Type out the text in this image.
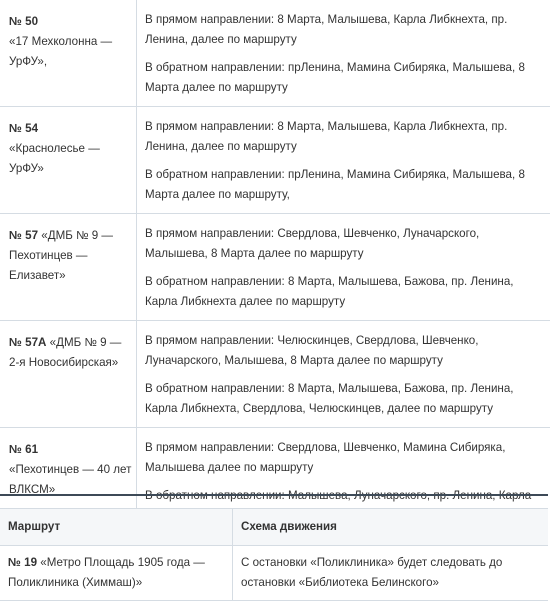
№ 50
«17 Мехколонна — УрФУ»,

В прямом направлении: 8 Марта, Малышева, Карла Либкнехта, пр. Ленина, далее по маршруту

В обратном направлении: прЛенина, Мамина Сибиряка, Малышева, 8 Марта далее по маршруту

№ 54
«Краснолесье — УрФУ»

В прямом направлении: 8 Марта, Малышева, Карла Либкнехта, пр. Ленина, далее по маршруту

В обратном направлении: прЛенина, Мамина Сибиряка, Малышева, 8 Марта далее по маршруту,

№ 57 «ДМБ № 9 — Пехотинцев — Елизавет»

В прямом направлении: Свердлова, Шевченко, Луначарского, Малышева, 8 Марта далее по маршруту

В обратном направлении: 8 Марта, Малышева, Бажова, пр. Ленина, Карла Либкнехта далее по маршруту

№ 57А «ДМБ № 9 — 2-я Новосибирская»

В прямом направлении: Челюскинцев, Свердлова, Шевченко, Луначарского, Малышева, 8 Марта далее по маршруту

В обратном направлении: 8 Марта, Малышева, Бажова, пр. Ленина, Карла Либкнехта, Свердлова, Челюскинцев, далее по маршруту

№ 61
«Пехотинцев — 40 лет ВЛКСМ»

В прямом направлении: Свердлова, Шевченко, Мамина Сибиряка, Малышева далее по маршруту

В обратном направлении: Малышева, Луначарского, пр. Ленина, Карла

Маршрут	Схема движения
№ 19 «Метро Площадь 1905 года — Поликлиника (Химмаш)»
С остановки «Поликлиника» будет следовать до остановки «Библиотека Белинского»
